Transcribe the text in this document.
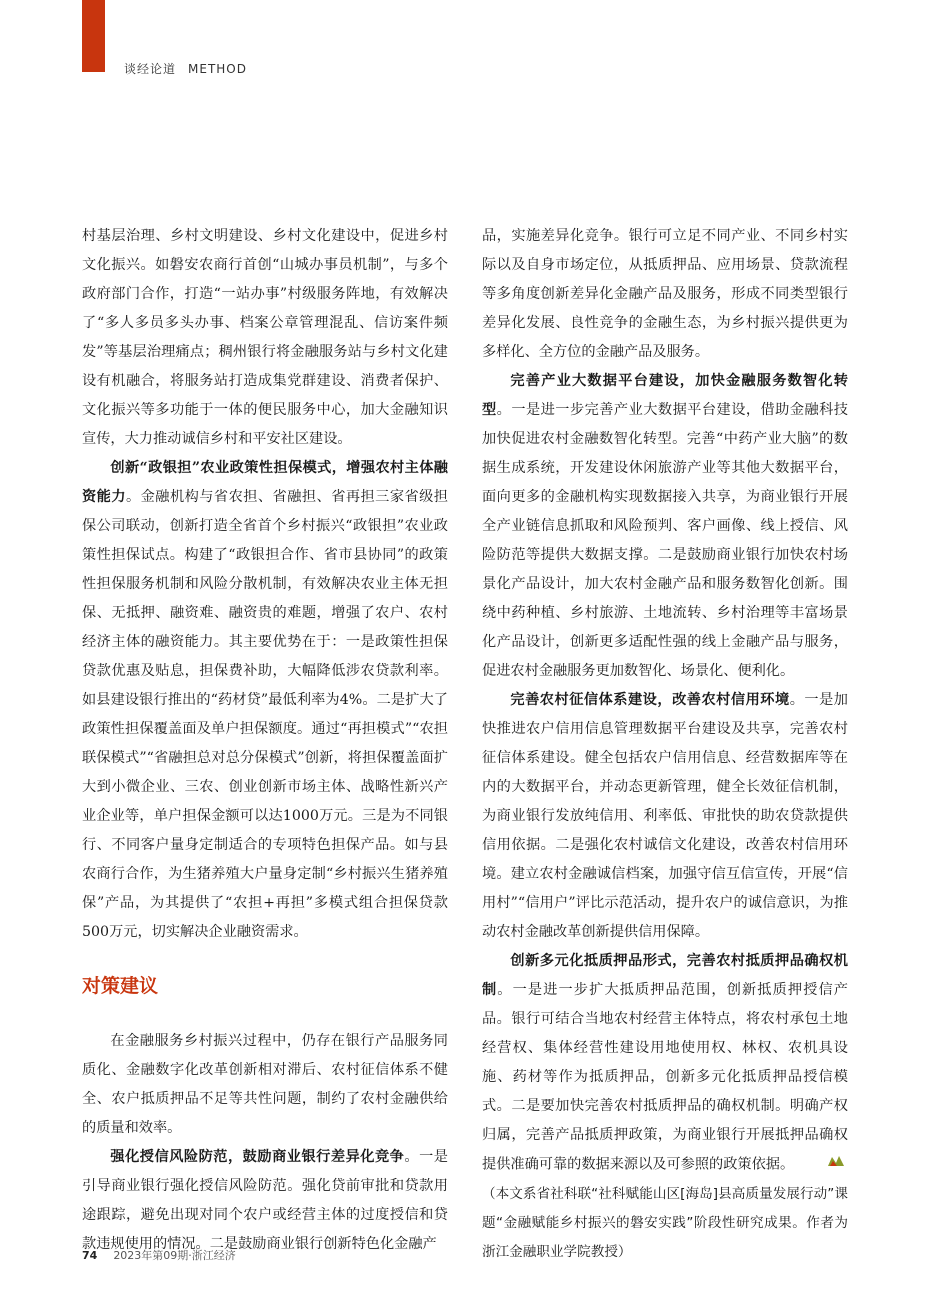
谈经论道 METHOD

村基层治理、乡村文明建设、乡村文化建设中，促进乡村文化振兴。如磐安农商行首创“山城办事员机制”，与多个政府部门合作，打造“一站办事”村级服务阵地，有效解决了“多人多员多头办事、档案公章管理混乱、信访案件频发”等基层治理痛点；稠州银行将金融服务站与乡村文化建设有机融合，将服务站打造成集党群建设、消费者保护、文化振兴等多功能于一体的便民服务中心，加大金融知识宣传，大力推动诚信乡村和平安社区建设。

创新“政银担”农业政策性担保模式，增强农村主体融资能力。金融机构与省农担、省融担、省再担三家省级担保公司联动，创新打造全省首个乡村振兴“政银担”农业政策性担保试点。构建了“政银担合作、省市县协同”的政策性担保服务机制和风险分散机制，有效解决农业主体无担保、无抵押、融资难、融资贵的难题，增强了农户、农村经济主体的融资能力。其主要优势在于：一是政策性担保贷款优惠及贴息，担保费补助，大幅降低涉农贷款利率。如县建设银行推出的“药材贷”最低利率为4%。二是扩大了政策性担保覆盖面及单户担保额度。通过“再担模式”“农担联保模式”“省融担总对总分保模式”创新，将担保覆盖面扩大到小微企业、三农、创业创新市场主体、战略性新兴产业企业等，单户担保金额可以达1000万元。三是为不同银行、不同客户量身定制适合的专项特色担保产品。如与县农商行合作，为生猪养殖大户量身定制“乡村振兴生猪养殖保”产品，为其提供了“农担+再担”多模式组合担保贷款500万元，切实解决企业融资需求。

对策建议

在金融服务乡村振兴过程中，仍存在银行产品服务同质化、金融数字化改革创新相对滞后、农村征信体系不健全、农户抵质押品不足等共性问题，制约了农村金融供给的质量和效率。

强化授信风险防范，鼓励商业银行差异化竞争。一是引导商业银行强化授信风险防范。强化贷前审批和贷款用途跟踪，避免出现对同个农户或经营主体的过度授信和贷款违规使用的情况。二是鼓励商业银行创新特色化金融产

品，实施差异化竞争。银行可立足不同产业、不同乡村实际以及自身市场定位，从抵质押品、应用场景、贷款流程等多角度创新差异化金融产品及服务，形成不同类型银行差异化发展、良性竞争的金融生态，为乡村振兴提供更为多样化、全方位的金融产品及服务。

完善产业大数据平台建设，加快金融服务数智化转型。一是进一步完善产业大数据平台建设，借助金融科技加快促进农村金融数智化转型。完善“中药产业大脑”的数据生成系统，开发建设休闲旅游产业等其他大数据平台，面向更多的金融机构实现数据接入共享，为商业银行开展全产业链信息抓取和风险预判、客户画像、线上授信、风险防范等提供大数据支撑。二是鼓励商业银行加快农村场景化产品设计，加大农村金融产品和服务数智化创新。围绕中药种植、乡村旅游、土地流转、乡村治理等丰富场景化产品设计，创新更多适配性强的线上金融产品与服务，促进农村金融服务更加数智化、场景化、便利化。

完善农村征信体系建设，改善农村信用环境。一是加快推进农户信用信息管理数据平台建设及共享，完善农村征信体系建设。健全包括农户信用信息、经营数据库等在内的大数据平台，并动态更新管理，健全长效征信机制，为商业银行发放纯信用、利率低、审批快的助农贷款提供信用依据。二是强化农村诚信文化建设，改善农村信用环境。建立农村金融诚信档案，加强守信互信宣传，开展“信用村”“信用户”评比示范活动，提升农户的诚信意识，为推动农村金融改革创新提供信用保障。

创新多元化抵质押品形式，完善农村抵质押品确权机制。一是进一步扩大抵质押品范围，创新抵质押授信产品。银行可结合当地农村经营主体特点，将农村承包土地经营权、集体经营性建设用地使用权、林权、农机具设施、药材等作为抵质押品，创新多元化抵质押品授信模式。二是要加快完善农村抵质押品的确权机制。明确产权归属，完善产品抵质押政策，为商业银行开展抵押品确权提供准确可靠的数据来源以及可参照的政策依据。

（本文系省社科联“社科赋能山区[海岛]县高质量发展行动”课题“金融赋能乡村振兴的磐安实践”阶段性研究成果。作者为浙江金融职业学院教授）

74 2023年第09期·浙江经济
